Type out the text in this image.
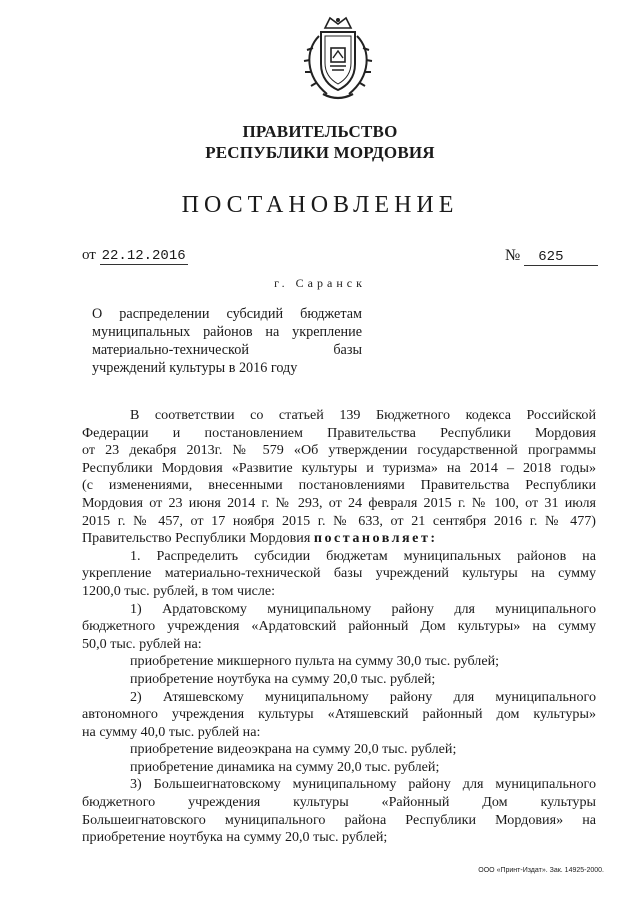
ПРАВИТЕЛЬСТВО
РЕСПУБЛИКИ МОРДОВИЯ
ПОСТАНОВЛЕНИЕ
от 22.12.2016	№ 625
г. Саранск
О распределении субсидий бюджетам
муниципальных районов на укрепление
материально-технической	базы
учреждений культуры в 2016 году
В соответствии со статьей 139 Бюджетного кодекса Российской
Федерации и постановлением Правительства Республики Мордовия
от 23 декабря 2013г. № 579 «Об утверждении государственной программы
Республики Мордовия «Развитие культуры и туризма» на 2014 – 2018 годы»
(с изменениями, внесенными постановлениями Правительства Республики
Мордовия от 23 июня 2014 г. № 293, от 24 февраля 2015 г. № 100, от 31 июля
2015 г. № 457, от 17 ноября 2015 г. № 633, от 21 сентября 2016 г. № 477)
Правительство Республики Мордовия постановляет:
1. Распределить субсидии бюджетам муниципальных районов на
укрепление материально-технической базы учреждений культуры на сумму
1200,0 тыс. рублей, в том числе:
1) Ардатовскому муниципальному району для муниципального
бюджетного учреждения «Ардатовский районный Дом культуры» на сумму
50,0 тыс. рублей на:
приобретение микшерного пульта на сумму 30,0 тыс. рублей;
приобретение ноутбука на сумму 20,0 тыс. рублей;
2) Атяшевскому муниципальному району для муниципального
автономного учреждения культуры «Атяшевский районный дом культуры»
на сумму 40,0 тыс. рублей на:
приобретение видеоэкрана на сумму 20,0 тыс. рублей;
приобретение динамика на сумму 20,0 тыс. рублей;
3) Большеигнатовскому муниципальному району для муниципального
бюджетного учреждения культуры «Районный Дом культуры
Большеигнатовского муниципального района Республики Мордовия» на
приобретение ноутбука на сумму 20,0 тыс. рублей;
ООО «Принт-Издат». Зак. 14925-2000.
